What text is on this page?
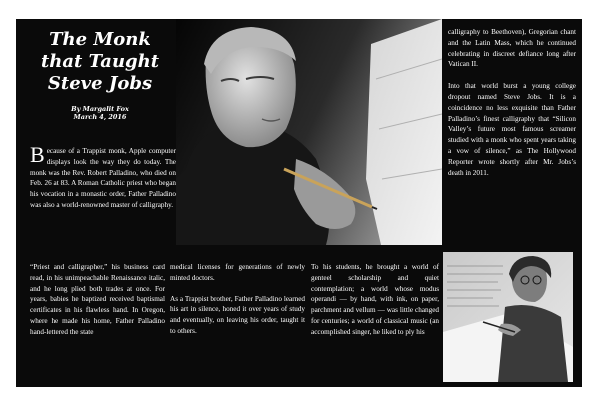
The Monk
that Taught
Steve Jobs
By Margalit Fox
March 4, 2016

Because of a Trappist monk, Apple computer displays look the way they do today. The monk was the Rev. Robert Palladino, who died on Feb. 26 at 83. A Roman Catholic priest who began his vocation in a monastic order, Father Palladino was also a world-renowned master of calligraphy.

“Priest and calligrapher,” his business card read, in his unimpeachable Renaissance italic, and he long plied both trades at once. For years, babies he baptized received baptismal certificates in his flawless hand. In Oregon, where he made his home, Father Palladino hand-lettered the state

medical licenses for generations of newly minted doctors.

As a Trappist brother, Father Palladino learned his art in silence, honed it over years of study and eventually, on leaving his order, taught it to others.

To his students, he brought a world of genteel scholarship and quiet contemplation; a world whose modus operandi — by hand, with ink, on paper, parchment and vellum — was little changed for centuries; a world of classical music (an accomplished singer, he liked to ply his

calligraphy to Beethoven), Gregorian chant and the Latin Mass, which he continued celebrating in discreet defiance long after Vatican II.

Into that world burst a young college dropout named Steve Jobs. It is a coincidence no less exquisite than Father Palladino’s finest calligraphy that “Silicon Valley’s future most famous screamer studied with a monk who spent years taking a vow of silence,” as The Hollywood Reporter wrote shortly after Mr. Jobs’s death in 2011.
